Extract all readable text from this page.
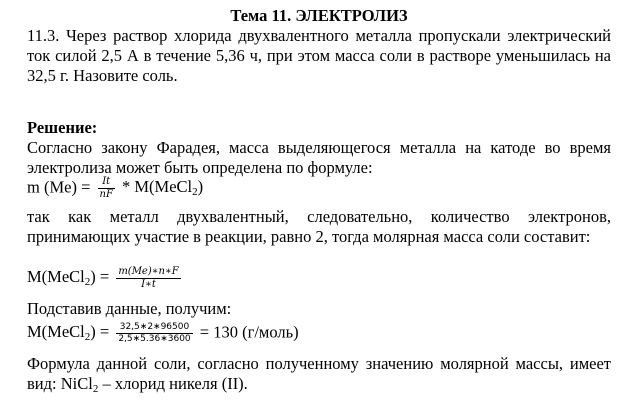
Тема 11. ЭЛЕКТРОЛИЗ
11.3. Через раствор хлорида двухвалентного металла пропускали электрический ток силой 2,5 А в течение 5,36 ч, при этом масса соли в растворе уменьшилась на 32,5 г. Назовите соль.
Решение:
Согласно закону Фарадея, масса выделяющегося металла на катоде во время электролиза может быть определена по формуле:
m $(Me) = \frac{It}{nF}$ * M(MeCl$_2$)
так как металл двухвалентный, следовательно, количество электронов, принимающих участие в реакции, равно 2, тогда молярная масса соли составит:
M(MeCl$_2$) = $\frac{m(Me)∗n∗F}{I∗t}$
Подставив данные, получим:
M(MeCl$_2$) = $\frac{32,5∗2∗96500}{2,5∗5.36∗3600} = 130$ (г/моль)
Формула данной соли, согласно полученному значению молярной массы, имеет вид: NiCl$_2$ – хлорид никеля (II).
